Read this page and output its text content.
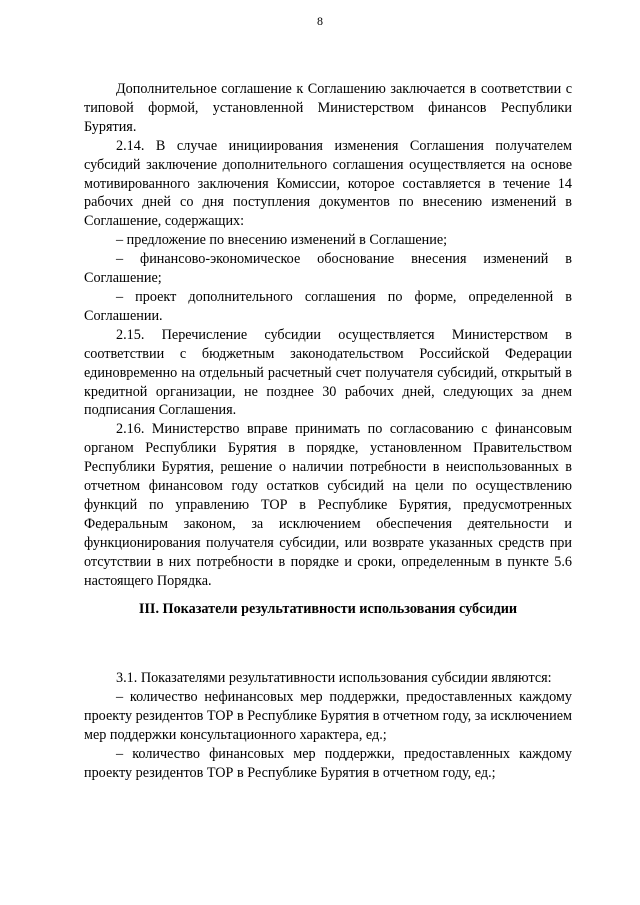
8

Дополнительное соглашение к Соглашению заключается в соответствии с типовой формой, установленной Министерством финансов Республики Бурятия.

2.14. В случае инициирования изменения Соглашения получателем субсидий заключение дополнительного соглашения осуществляется на основе мотивированного заключения Комиссии, которое составляется в течение 14 рабочих дней со дня поступления документов по внесению изменений в Соглашение, содержащих:

– предложение по внесению изменений в Соглашение;

– финансово-экономическое обоснование внесения изменений в Соглашение;

– проект дополнительного соглашения по форме, определенной в Соглашении.

2.15. Перечисление субсидии осуществляется Министерством в соответствии с бюджетным законодательством Российской Федерации единовременно на отдельный расчетный счет получателя субсидий, открытый в кредитной организации, не позднее 30 рабочих дней, следующих за днем подписания Соглашения.

2.16. Министерство вправе принимать по согласованию с финансовым органом Республики Бурятия в порядке, установленном Правительством Республики Бурятия, решение о наличии потребности в неиспользованных в отчетном финансовом году остатков субсидий на цели по осуществлению функций по управлению ТОР в Республике Бурятия, предусмотренных Федеральным законом, за исключением обеспечения деятельности и функционирования получателя субсидии, или возврате указанных средств при отсутствии в них потребности в порядке и сроки, определенным в пункте 5.6 настоящего Порядка.

III. Показатели результативности использования субсидии

3.1. Показателями результативности использования субсидии являются:

– количество нефинансовых мер поддержки, предоставленных каждому проекту резидентов ТОР в Республике Бурятия в отчетном году, за исключением мер поддержки консультационного характера, ед.;

– количество финансовых мер поддержки, предоставленных каждому проекту резидентов ТОР в Республике Бурятия в отчетном году, ед.;
